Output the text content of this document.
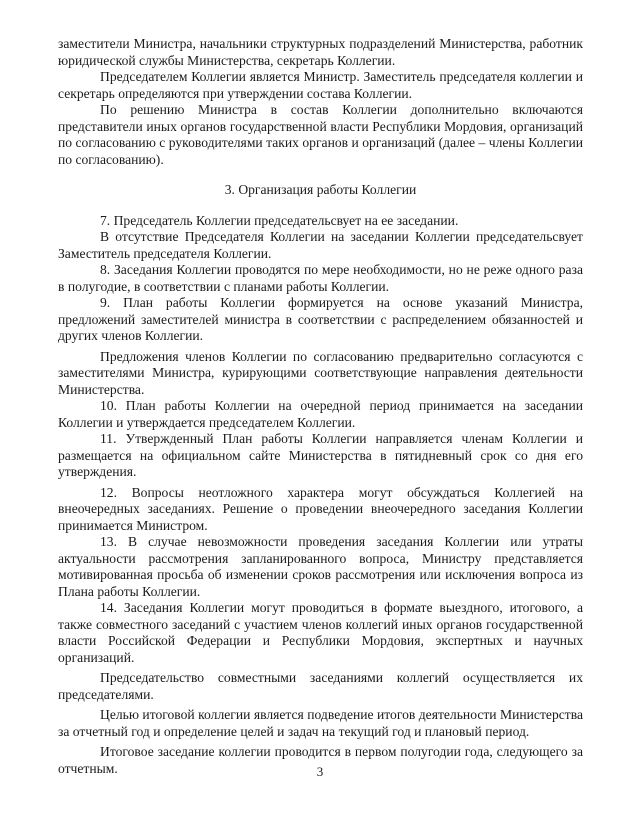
заместители Министра, начальники структурных подразделений Министерства, работник юридической службы Министерства, секретарь Коллегии.

Председателем Коллегии является Министр. Заместитель председателя коллегии и секретарь определяются при утверждении состава Коллегии.

По решению Министра в состав Коллегии дополнительно включаются представители иных органов государственной власти Республики Мордовия, организаций по согласованию с руководителями таких органов и организаций (далее – члены Коллегии по согласованию).

3. Организация работы Коллегии

7. Председатель Коллегии председательсвует на ее заседании.

В отсутствие Председателя Коллегии на заседании Коллегии председательсвует Заместитель председателя Коллегии.

8. Заседания Коллегии проводятся по мере необходимости, но не реже одного раза в полугодие, в соответствии с планами работы Коллегии.

9. План работы Коллегии формируется на основе указаний Министра, предложений заместителей министра в соответствии с распределением обязанностей и других членов Коллегии.

Предложения членов Коллегии по согласованию предварительно согласуются с заместителями Министра, курирующими соответствующие направления деятельности Министерства.

10. План работы Коллегии на очередной период принимается на заседании Коллегии и утверждается председателем Коллегии.

11. Утвержденный План работы Коллегии направляется членам Коллегии и размещается на официальном сайте Министерства в пятидневный срок со дня его утверждения.

12. Вопросы неотложного характера могут обсуждаться Коллегией на внеочередных заседаниях. Решение о проведении внеочередного заседания Коллегии принимается Министром.

13. В случае невозможности проведения заседания Коллегии или утраты актуальности рассмотрения запланированного вопроса, Министру представляется мотивированная просьба об изменении сроков рассмотрения или исключения вопроса из Плана работы Коллегии.

14. Заседания Коллегии могут проводиться в формате выездного, итогового, а также совместного заседаний с участием членов коллегий иных органов государственной власти Российской Федерации и Республики Мордовия, экспертных и научных организаций.

Председательство совместными заседаниями коллегий осуществляется их председателями.

Целью итоговой коллегии является подведение итогов деятельности Министерства за отчетный год и определение целей и задач на текущий год и плановый период.

Итоговое заседание коллегии проводится в первом полугодии года, следующего за отчетным.	3
